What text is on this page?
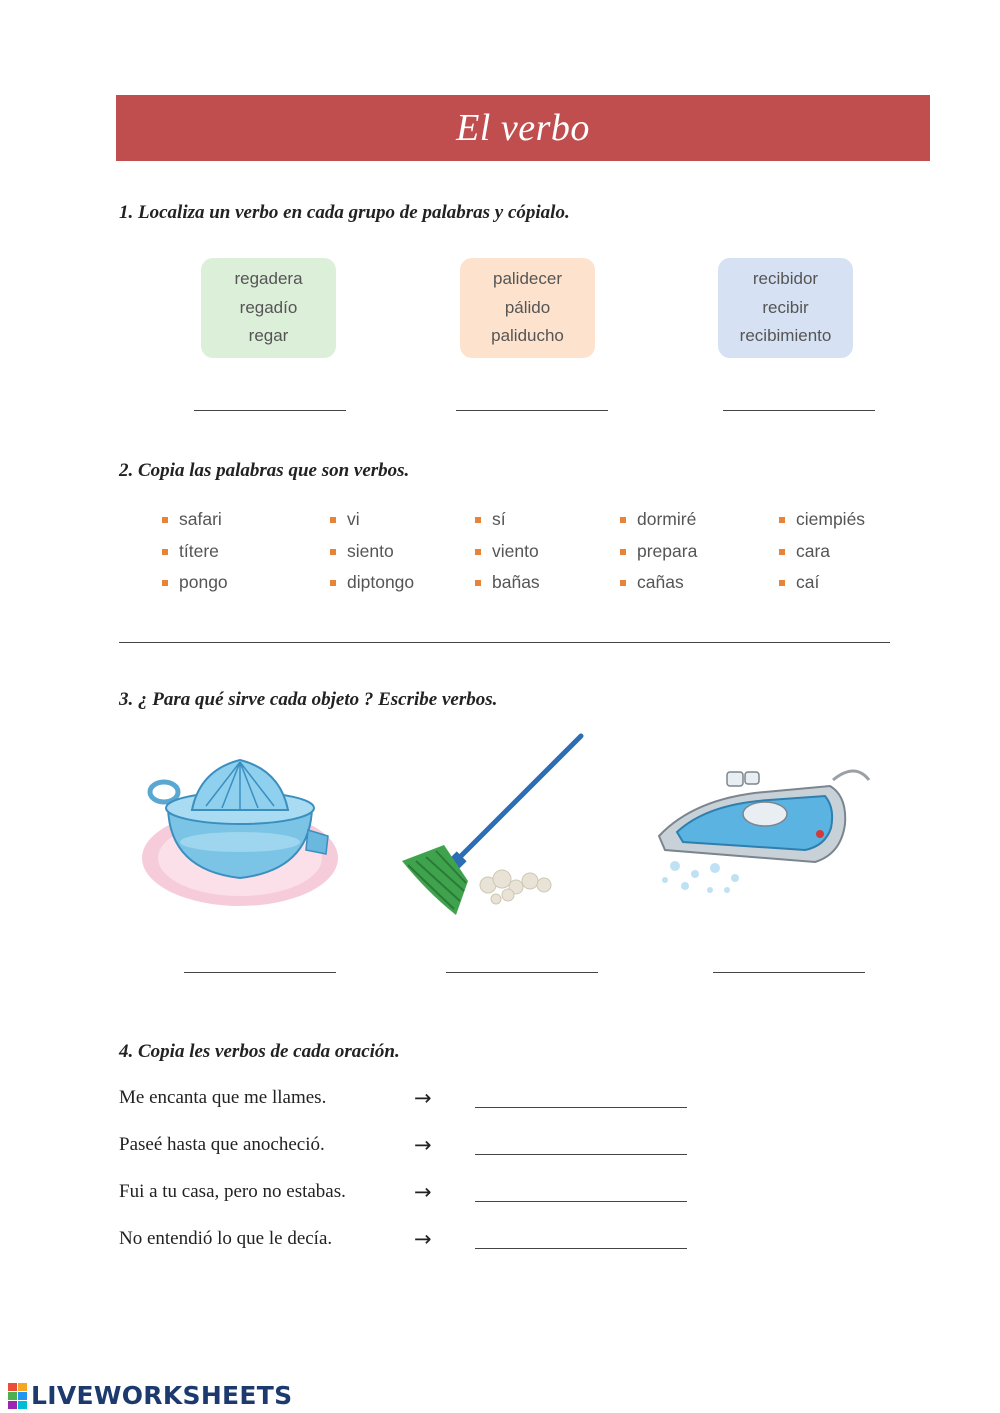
El verbo
1. Localiza un verbo en cada grupo de palabras y cópialo.
regadera
regadío
regar
palidecer
pálido
paliducho
recibidor
recibir
recibimiento
2. Copia las palabras que son verbos.
safari
títere
pongo
vi
siento
diptongo
sí
viento
bañas
dormiré
prepara
cañas
ciempiés
cara
caí
3. ¿ Para qué sirve cada objeto ? Escribe verbos.
4. Copia les verbos de cada oración.
Me encanta que me llames.	→
Paseé hasta que anocheció.	→
Fui a tu casa, pero no estabas.	→
No entendió lo que le decía.	→
LIVEWORKSHEETS
